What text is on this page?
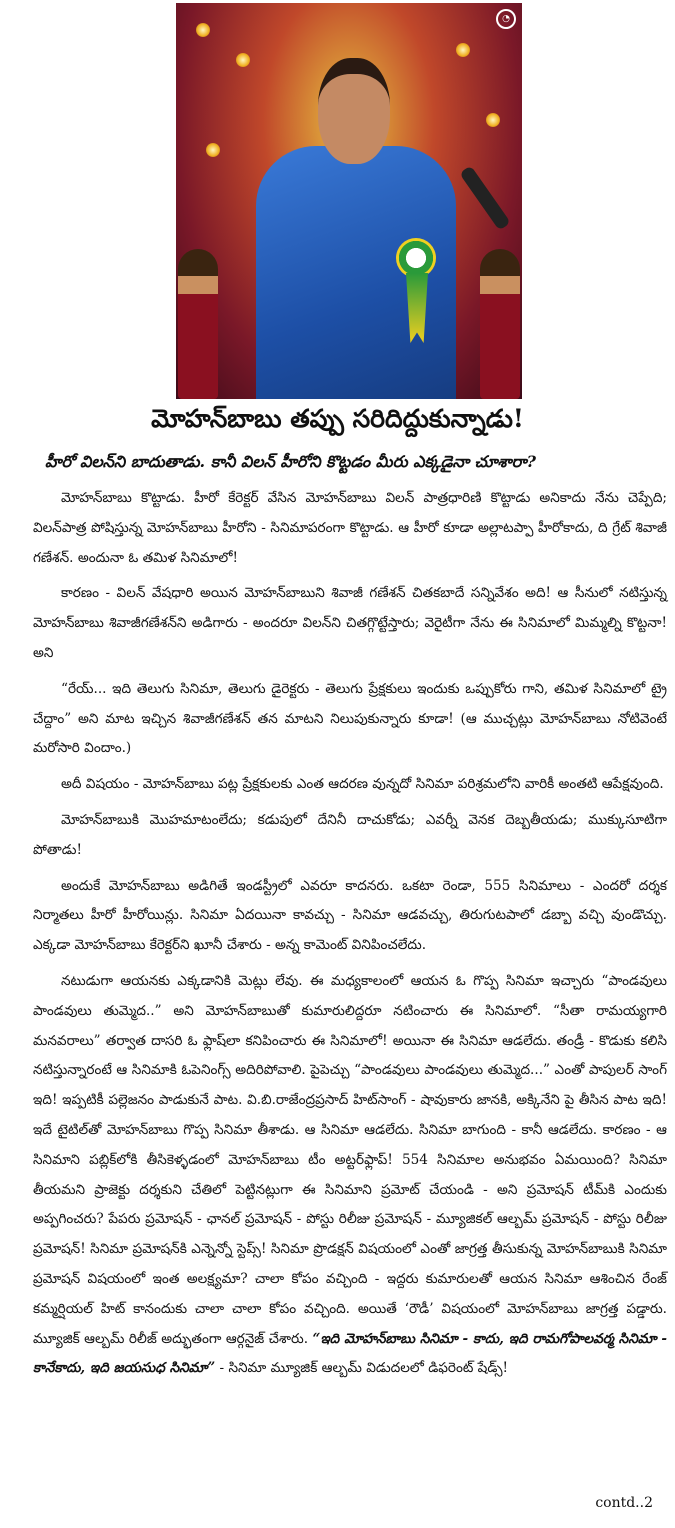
◔
మోహన్‌బాబు తప్పు సరిదిద్దుకున్నాడు!
హీరో విలన్‌ని బాదుతాడు. కానీ విలన్ హీరోని కొట్టడం మీరు ఎక్కడైనా చూశారా?

మోహన్‌బాబు కొట్టాడు. హీరో కేరెక్టర్ వేసిన మోహన్‌బాబు విలన్ పాత్రధారిణి కొట్టాడు అనికాదు నేను చెప్పేది; విలన్‌పాత్ర పోషిస్తున్న మోహన్‌బాబు హీరోని - సినిమాపరంగా కొట్టాడు. ఆ హీరో కూడా అల్లాటప్పా హీరోకాదు, ది గ్రేట్ శివాజీ గణేశన్. అందునా ఓ తమిళ సినిమాలో!

కారణం - విలన్ వేషధారి అయిన మోహన్‌బాబుని శివాజీ గణేశన్ చితకబాదే సన్నివేశం అది! ఆ సీనులో నటిస్తున్న మోహన్‌బాబు శివాజీగణేశన్‌ని అడిగారు - అందరూ విలన్‌ని చితగ్గొట్టేస్తారు; వెరైటీగా నేను ఈ సినిమాలో మిమ్మల్ని కొట్టనా! అని

“రేయ్... ఇది తెలుగు సినిమా, తెలుగు డైరెక్టరు - తెలుగు ప్రేక్షకులు ఇందుకు ఒప్పుకోరు గాని, తమిళ సినిమాలో ట్రై చేద్దాం” అని మాట ఇచ్చిన శివాజీగణేశన్ తన మాటని నిలుపుకున్నారు కూడా! (ఆ ముచ్చట్లు మోహన్‌బాబు నోటివెంటే మరోసారి విందాం.)

అదీ విషయం - మోహన్‌బాబు పట్ల ప్రేక్షకులకు ఎంత ఆదరణ వున్నదో సినిమా పరిశ్రమలోని వారికీ అంతటి ఆపేక్షవుంది.

మోహన్‌బాబుకి మొహమాటంలేదు; కడుపులో దేనినీ దాచుకోడు; ఎవర్నీ వెనక దెబ్బతీయడు; ముక్కుసూటిగా పోతాడు!

అందుకే మోహన్‌బాబు అడిగితే ఇండస్ట్రీలో ఎవరూ కాదనరు. ఒకటా రెండా, 555 సినిమాలు - ఎందరో దర్శక నిర్మాతలు హీరో హీరోయిన్లు. సినిమా ఏదయినా కావచ్చు - సినిమా ఆడవచ్చు, తిరుగుటపాలో డబ్బా వచ్చి వుండొచ్చు. ఎక్కడా మోహన్‌బాబు కేరెక్టర్‌ని ఖూనీ చేశారు - అన్న కామెంట్ వినిపించలేదు.

నటుడుగా ఆయనకు ఎక్కడానికి మెట్లు లేవు. ఈ మధ్యకాలంలో ఆయన ఓ గొప్ప సినిమా ఇచ్చారు “పాండవులు పాండవులు తుమ్మెద..” అని మోహన్‌బాబుతో కుమారులిద్దరూ నటించారు ఈ సినిమాలో. “సీతా రామయ్యగారి మనవరాలు” తర్వాత దాసరి ఓ ఫ్లాష్‌లా కనిపించారు ఈ సినిమాలో! అయినా ఈ సినిమా ఆడలేదు. తండ్రీ - కొడుకు కలిసి నటిస్తున్నారంటే ఆ సినిమాకి ఓపెనింగ్స్ అదిరిపోవాలి. పైపెచ్చు “పాండవులు పాండవులు తుమ్మెద...” ఎంతో పాపులర్ సాంగ్ ఇది! ఇప్పటికీ పల్లెజనం పాడుకునే పాట. వి.బి.రాజేంద్రప్రసాద్ హిట్‌సాంగ్ - షావుకారు జానకి, అక్కినేని పై తీసిన పాట ఇది! ఇదే టైటిల్‌తో మోహన్‌బాబు గొప్ప సినిమా తీశాడు. ఆ సినిమా ఆడలేదు. సినిమా బాగుంది - కానీ ఆడలేదు. కారణం - ఆ సినిమాని పబ్లిక్‌లోకి తీసికెళ్ళడంలో మోహన్‌బాబు టీం అట్టర్‌ఫ్లాప్! 554 సినిమాల అనుభవం ఏమయింది? సినిమా తీయమని ప్రాజెక్టు దర్శకుని చేతిలో పెట్టినట్లుగా ఈ సినిమాని ప్రమోట్ చేయండి - అని ప్రమోషన్ టీమ్‌కి ఎందుకు అప్పగించరు? పేపరు ప్రమోషన్ - ఛానల్ ప్రమోషన్ - పోస్టు రిలీజు ప్రమోషన్ - మ్యూజికల్ ఆల్బమ్ ప్రమోషన్ - పోస్టు రిలీజు ప్రమోషన్! సినిమా ప్రమోషన్‌కి ఎన్నెన్నో స్టెప్స్! సినిమా ప్రొడక్షన్ విషయంలో ఎంతో జాగ్రత్త తీసుకున్న మోహన్‌బాబుకి సినిమా ప్రమోషన్ విషయంలో ఇంత అలక్ష్యమా? చాలా కోపం వచ్చింది - ఇద్దరు కుమారులతో ఆయన సినిమా ఆశించిన రేంజ్ కమ్మర్షియల్ హిట్ కానందుకు చాలా చాలా కోపం వచ్చింది. అయితే ‘రౌడీ’ విషయంలో మోహన్‌బాబు జాగ్రత్త పడ్డారు. మ్యూజిక్ ఆల్బమ్ రిలీజ్ అద్భుతంగా ఆర్గనైజ్ చేశారు. “ఇది మోహన్‌బాబు సినిమా - కాదు, ఇది రామగోపాలవర్మ సినిమా - కానేకాదు, ఇది జయసుధ సినిమా” - సినిమా మ్యూజిక్ ఆల్బమ్ విడుదలలో డిఫరెంట్ షేడ్స్!

contd..2
